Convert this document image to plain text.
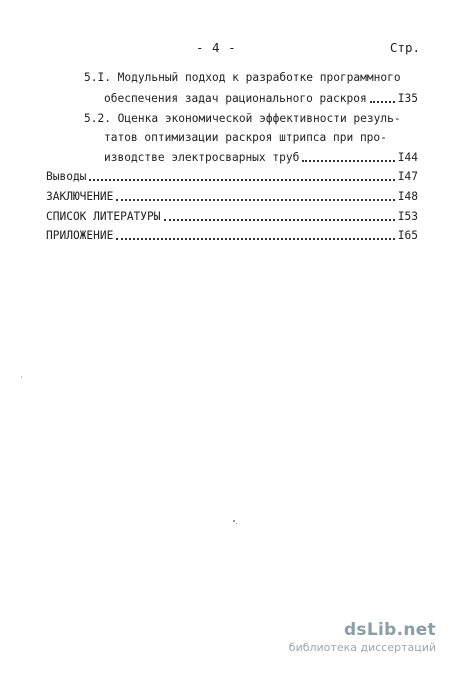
- 4 -	Стр.
5.I. Модульный подход к разработке программного
обеспечения задач рационального раскроя	I35
5.2. Оценка экономической эффективности резуль-
татов оптимизации раскроя штрипса при про-
изводстве электросварных труб	I44
Выводы	I47
ЗАКЛЮЧЕНИЕ	I48
СПИСОК ЛИТЕРАТУРЫ	I53
ПРИЛОЖЕНИЕ	I65
dsLib.net
библиотека диссертаций
